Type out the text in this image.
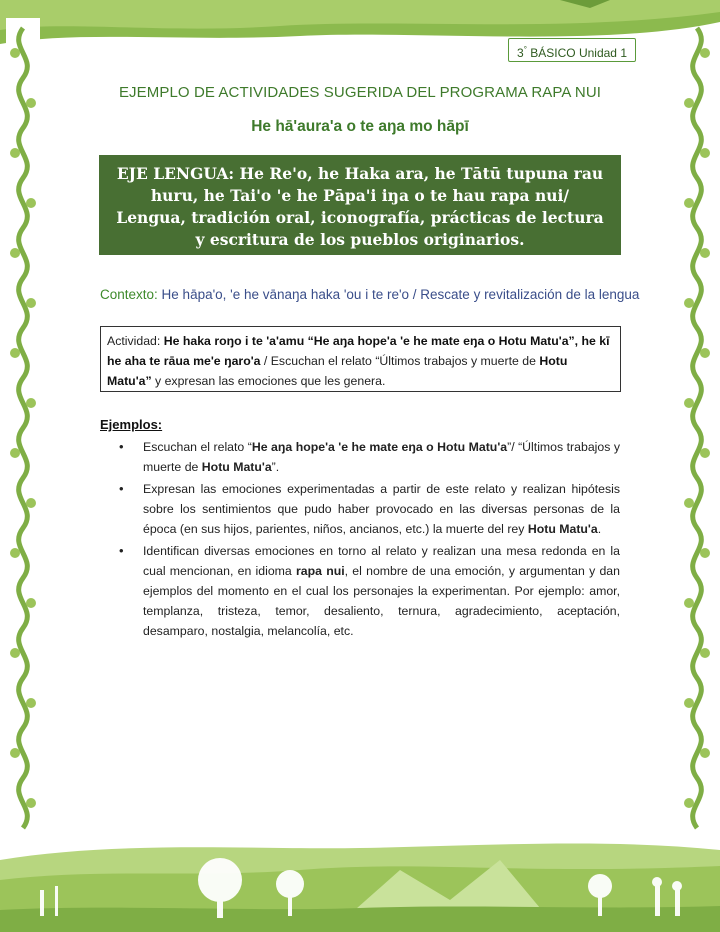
3° BÁSICO Unidad 1
EJEMPLO DE ACTIVIDADES SUGERIDA DEL PROGRAMA RAPA NUI
He hā'aura'a o te aŋa mo hāpī
EJE LENGUA: He Re'o, he Haka ara, he Tātū tupuna rau huru, he Tai'o 'e he Pāpa'i iŋa o te hau rapa nui/ Lengua, tradición oral, iconografía, prácticas de lectura y escritura de los pueblos originarios.
Contexto: He hāpa'o, 'e he vānaŋa haka 'ou i te re'o / Rescate y revitalización de la lengua
Actividad: He haka roŋo i te 'a'amu “He aŋa hope'a 'e he mate eŋa o Hotu Matu'a”, he kī he aha te rāua me'e ŋaro'a / Escuchan el relato “Últimos trabajos y muerte de Hotu Matu'a” y expresan las emociones que les genera.
Ejemplos:
• Escuchan el relato “He aŋa hope'a 'e he mate eŋa o Hotu Matu'a”/ “Últimos trabajos y muerte de Hotu Matu'a”.
• Expresan las emociones experimentadas a partir de este relato y realizan hipótesis sobre los sentimientos que pudo haber provocado en las diversas personas de la época (en sus hijos, parientes, niños, ancianos, etc.) la muerte del rey Hotu Matu'a.
• Identifican diversas emociones en torno al relato y realizan una mesa redonda en la cual mencionan, en idioma rapa nui, el nombre de una emoción, y argumentan y dan ejemplos del momento en el cual los personajes la experimentan. Por ejemplo: amor, templanza, tristeza, temor, desaliento, ternura, agradecimiento, aceptación, desamparo, nostalgia, melancolía, etc.
